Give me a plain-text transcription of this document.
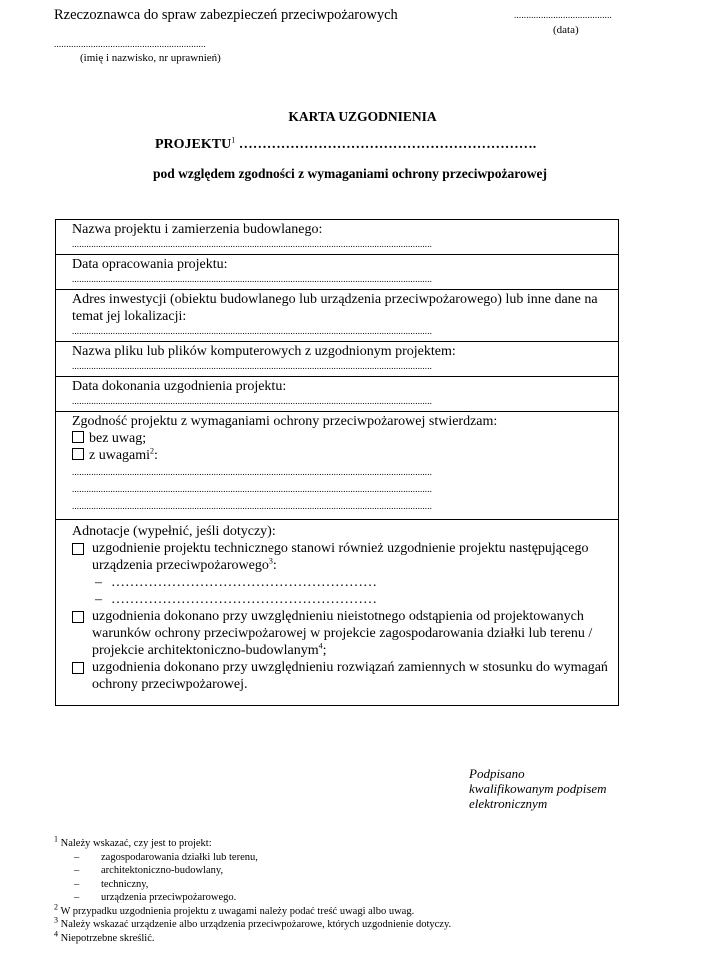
Rzeczoznawca do spraw zabezpieczeń przeciwpożarowych	........................................
(data)
..............................................................
(imię i nazwisko, nr uprawnień)
KARTA UZGODNIENIA
PROJEKTU$^1$ ……………………………………………………….
pod względem zgodności z wymaganiami ochrony przeciwpożarowej
Nazwa projektu i zamierzenia budowlanego:
......................................................................................................................................................

Data opracowania projektu:
......................................................................................................................................................

Adres inwestycji (obiektu budowlanego lub urządzenia przeciwpożarowego) lub inne dane na temat jej lokalizacji:
......................................................................................................................................................

Nazwa pliku lub plików komputerowych z uzgodnionym projektem:
......................................................................................................................................................

Data dokonania uzgodnienia projektu:
......................................................................................................................................................

Zgodność projektu z wymaganiami ochrony przeciwpożarowej stwierdzam:
bez uwag;
z uwagami$^2$:
......................................................................................................................................................
......................................................................................................................................................
......................................................................................................................................................

Adnotacje (wypełnić, jeśli dotyczy):
uzgodnienie projektu technicznego stanowi również uzgodnienie projektu następującego urządzenia przeciwpożarowego$^3$:
– …………………………………………………
– …………………………………………………
uzgodnienia dokonano przy uwzględnieniu nieistotnego odstąpienia od projektowanych warunków ochrony przeciwpożarowej w projekcie zagospodarowania działki lub terenu / projekcie architektoniczno-budowlanym$^4$;
uzgodnienia dokonano przy uwzględnieniu rozwiązań zamiennych w stosunku do wymagań ochrony przeciwpożarowej.
Podpisano
kwalifikowanym podpisem
elektronicznym
$^1$ Należy wskazać, czy jest to projekt:
– zagospodarowania działki lub terenu,
– architektoniczno-budowlany,
– techniczny,
– urządzenia przeciwpożarowego.
$^2$ W przypadku uzgodnienia projektu z uwagami należy podać treść uwagi albo uwag.
$^3$ Należy wskazać urządzenie albo urządzenia przeciwpożarowe, których uzgodnienie dotyczy.
$^4$ Niepotrzebne skreślić.
